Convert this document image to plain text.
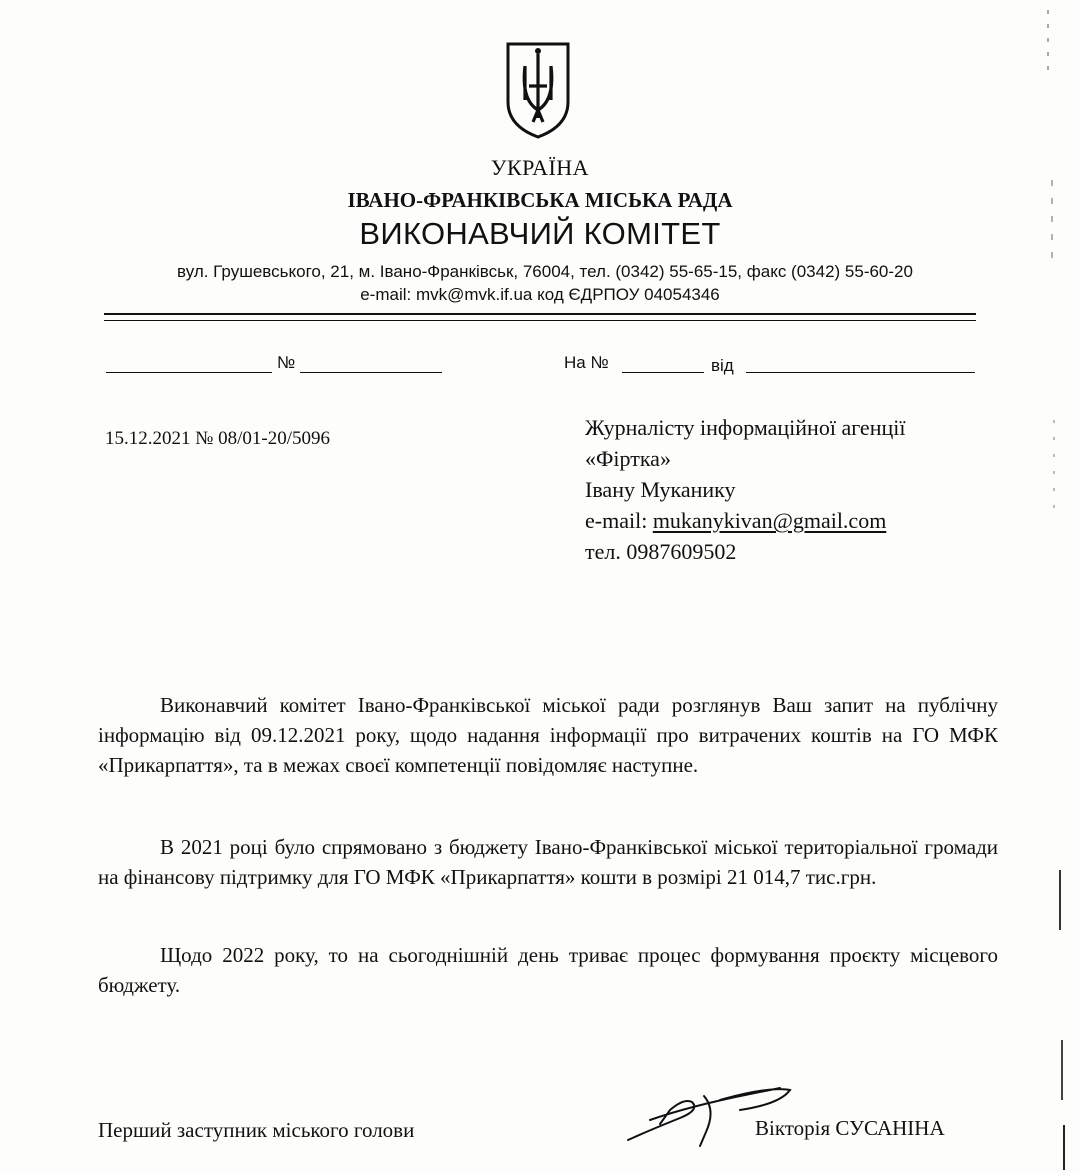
УКРАЇНА
ІВАНО-ФРАНКІВСЬКА МІСЬКА РАДА
ВИКОНАВЧИЙ КОМІТЕТ
вул. Грушевського, 21, м. Івано-Франківськ, 76004, тел. (0342) 55-65-15, факс (0342) 55-60-20
e-mail: mvk@mvk.if.ua код ЄДРПОУ 04054346
№	На №	від
15.12.2021 № 08/01-20/5096	Журналісту інформаційної агенції
«Фіртка»
Івану Муканику
e-mail: mukanykivan@gmail.com
тел. 0987609502
Виконавчий комітет Івано-Франківської міської ради розглянув Ваш запит на публічну інформацію від 09.12.2021 року, щодо надання інформації про витрачених коштів на ГО МФК «Прикарпаття», та в межах своєї компетенції повідомляє наступне.
В 2021 році було спрямовано з бюджету Івано-Франківської міської територіальної громади на фінансову підтримку для ГО МФК «Прикарпаття» кошти в розмірі 21 014,7 тис.грн.
Щодо 2022 року, то на сьогоднішній день триває процес формування проєкту місцевого бюджету.
Перший заступник міського голови	Вікторія СУСАНІНА
